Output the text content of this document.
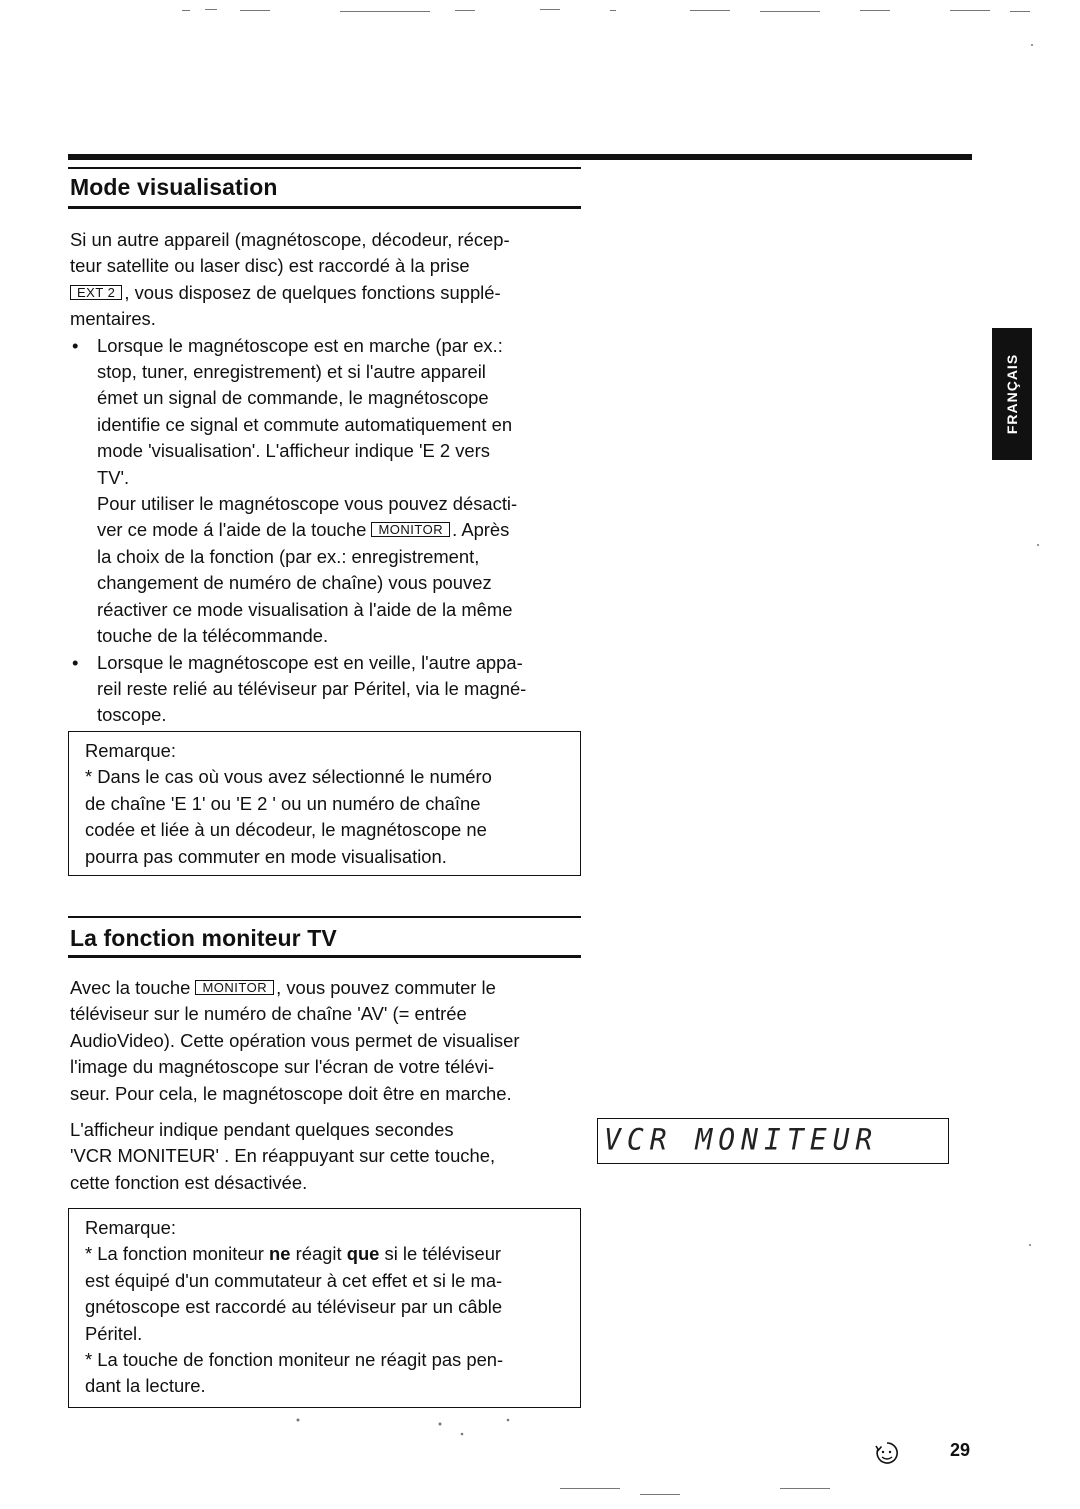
Mode visualisation

Si un autre appareil (magnétoscope, décodeur, récep-

teur satellite ou laser disc) est raccordé à la prise

EXT 2 , vous disposez de quelques fonctions supplé-

mentaires.

• Lorsque le magnétoscope est en marche (par ex.:

stop, tuner, enregistrement) et si l'autre appareil

émet un signal de commande, le magnétoscope

identifie ce signal et commute automatiquement en

mode 'visualisation'. L'afficheur indique 'E 2 vers

TV'.

Pour utiliser le magnétoscope vous pouvez désacti-

ver ce mode á l'aide de la touche MONITOR . Après

la choix de la fonction (par ex.: enregistrement,

changement de numéro de chaîne) vous pouvez

réactiver ce mode visualisation à l'aide de la même

touche de la télécommande.

• Lorsque le magnétoscope est en veille, l'autre appa-

reil reste relié au téléviseur par Péritel, via le magné-

toscope.

Remarque:

* Dans le cas où vous avez sélectionné le numéro

de chaîne 'E 1' ou 'E 2 ' ou un numéro de chaîne

codée et liée à un décodeur, le magnétoscope ne

pourra pas commuter en mode visualisation.

FRANÇAIS
La fonction moniteur TV

Avec la touche MONITOR , vous pouvez commuter le

téléviseur sur le numéro de chaîne 'AV' (= entrée

AudioVideo). Cette opération vous permet de visualiser

l'image du magnétoscope sur l'écran de votre télévi-

seur. Pour cela, le magnétoscope doit être en marche.

L'afficheur indique pendant quelques secondes

'VCR MONITEUR' . En réappuyant sur cette touche,

cette fonction est désactivée.

VCR MONITEUR

Remarque:

* La fonction moniteur ne réagit que si le téléviseur

est équipé d'un commutateur à cet effet et si le ma-

gnétoscope est raccordé au téléviseur par un câble

Péritel.

* La touche de fonction moniteur ne réagit pas pen-

dant la lecture.

29
